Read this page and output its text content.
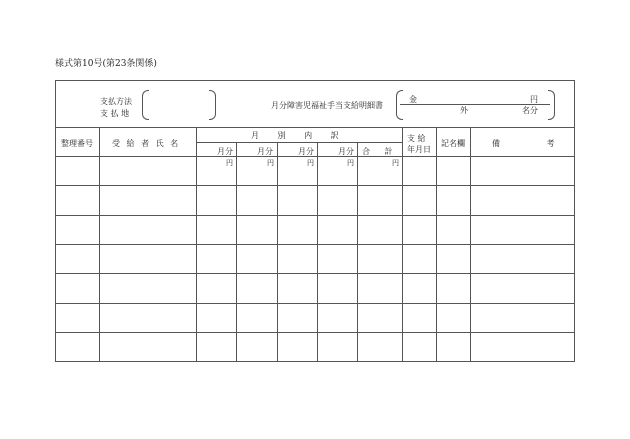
様式第10号(第23条関係)
支払方法
支 払 地
月分障害児福祉手当支給明細書
金	円
外	名分
整理番号 受 給 者 氏 名
月 別 内 訳
月分	月分	月分	月分 合 計
支 給
年月日
記名欄	備 考
円	円	円	円	円
